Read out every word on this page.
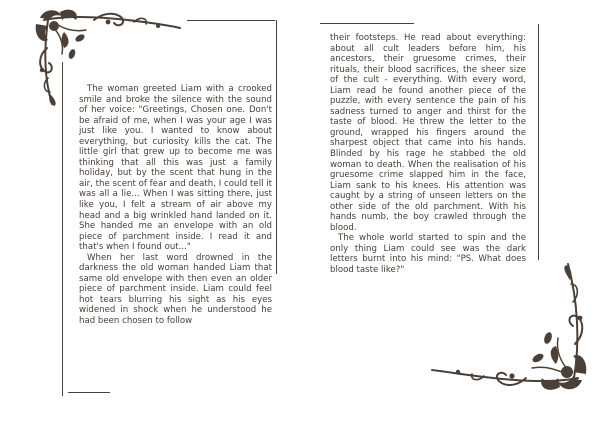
The woman greeted Liam with a crooked smile and broke the silence with the sound of her voice: "Greetings, Chosen one. Don't be afraid of me, when I was your age I was just like you. I wanted to know about everything, but curiosity kills the cat. The little girl that grew up to become me was thinking that all this was just a family holiday, but by the scent that hung in the air, the scent of fear and death, I could tell it was all a lie... When I was sitting there, just like you, I felt a stream of air above my head and a big wrinkled hand landed on it. She handed me an envelope with an old piece of parchment inside. I read it and that's when I found out..."

When her last word drowned in the darkness the old woman handed Liam that same old envelope with then even an older piece of parchment inside. Liam could feel hot tears blurring his sight as his eyes widened in shock when he understood he had been chosen to follow

their footsteps. He read about everything: about all cult leaders before him, his ancestors, their gruesome crimes, their rituals, their blood sacrifices, the sheer size of the cult - everything. With every word, Liam read he found another piece of the puzzle, with every sentence the pain of his sadness turned to anger and thirst for the taste of blood. He threw the letter to the ground, wrapped his fingers around the sharpest object that came into his hands. Blinded by his rage he stabbed the old woman to death. When the realisation of his gruesome crime slapped him in the face, Liam sank to his knees. His attention was caught by a string of unseen letters on the other side of the old parchment. With his hands numb, the boy crawled through the blood.

The whole world started to spin and the only thing Liam could see was the dark letters burnt into his mind: "PS. What does blood taste like?"
